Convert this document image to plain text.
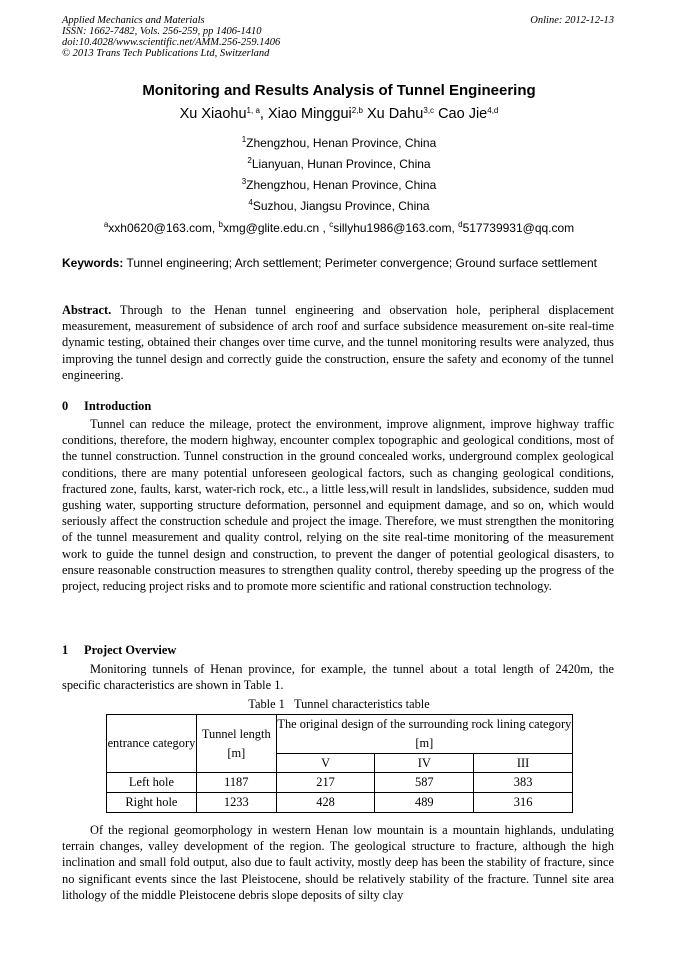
Applied Mechanics and Materials
ISSN: 1662-7482, Vols. 256-259, pp 1406-1410
doi:10.4028/www.scientific.net/AMM.256-259.1406
© 2013 Trans Tech Publications Ltd, Switzerland
Online: 2012-12-13
Monitoring and Results Analysis of Tunnel Engineering
Xu Xiaohu$^{1, a}$, Xiao Minggui$^{2,b}$ Xu Dahu$^{3,c}$ Cao Jie$^{4,d}$
$^1$Zhengzhou, Henan Province, China
$^2$Lianyuan, Hunan Province, China
$^3$Zhengzhou, Henan Province, China
$^4$Suzhou, Jiangsu Province, China
$^a$xxh0620@163.com, $^b$xmg@glite.edu.cn , $^c$sillyhu1986@163.com, $^d$517739931@qq.com
Keywords: Tunnel engineering; Arch settlement; Perimeter convergence; Ground surface settlement
Abstract. Through to the Henan tunnel engineering and observation hole, peripheral displacement measurement, measurement of subsidence of arch roof and surface subsidence measurement on-site real-time dynamic testing, obtained their changes over time curve, and the tunnel monitoring results were analyzed, thus improving the tunnel design and correctly guide the construction, ensure the safety and economy of the tunnel engineering.
0 Introduction
Tunnel can reduce the mileage, protect the environment, improve alignment, improve highway traffic conditions, therefore, the modern highway, encounter complex topographic and geological conditions, most of the tunnel construction. Tunnel construction in the ground concealed works, underground complex geological conditions, there are many potential unforeseen geological factors, such as changing geological conditions, fractured zone, faults, karst, water-rich rock, etc., a little less,will result in landslides, subsidence, sudden mud gushing water, supporting structure deformation, personnel and equipment damage, and so on, which would seriously affect the construction schedule and project the image. Therefore, we must strengthen the monitoring of the tunnel measurement and quality control, relying on the site real-time monitoring of the measurement work to guide the tunnel design and construction, to prevent the danger of potential geological disasters, to ensure reasonable construction measures to strengthen quality control, thereby speeding up the progress of the project, reducing project risks and to promote more scientific and rational construction technology.
1 Project Overview
Monitoring tunnels of Henan province, for example, the tunnel about a total length of 2420m, the specific characteristics are shown in Table 1.
Table 1   Tunnel characteristics table
entrance category	Tunnel length [m]	The original design of the surrounding rock lining category [m]		
		V	IV	III
Left hole	1187	217	587	383
Right hole	1233	428	489	316
Of the regional geomorphology in western Henan low mountain is a mountain highlands, undulating terrain changes, valley development of the region. The geological structure to fracture, although the high inclination and small fold output, also due to fault activity, mostly deep has been the stability of fracture, since no significant events since the last Pleistocene, should be relatively stability of the fracture. Tunnel site area lithology of the middle Pleistocene debris slope deposits of silty clay
